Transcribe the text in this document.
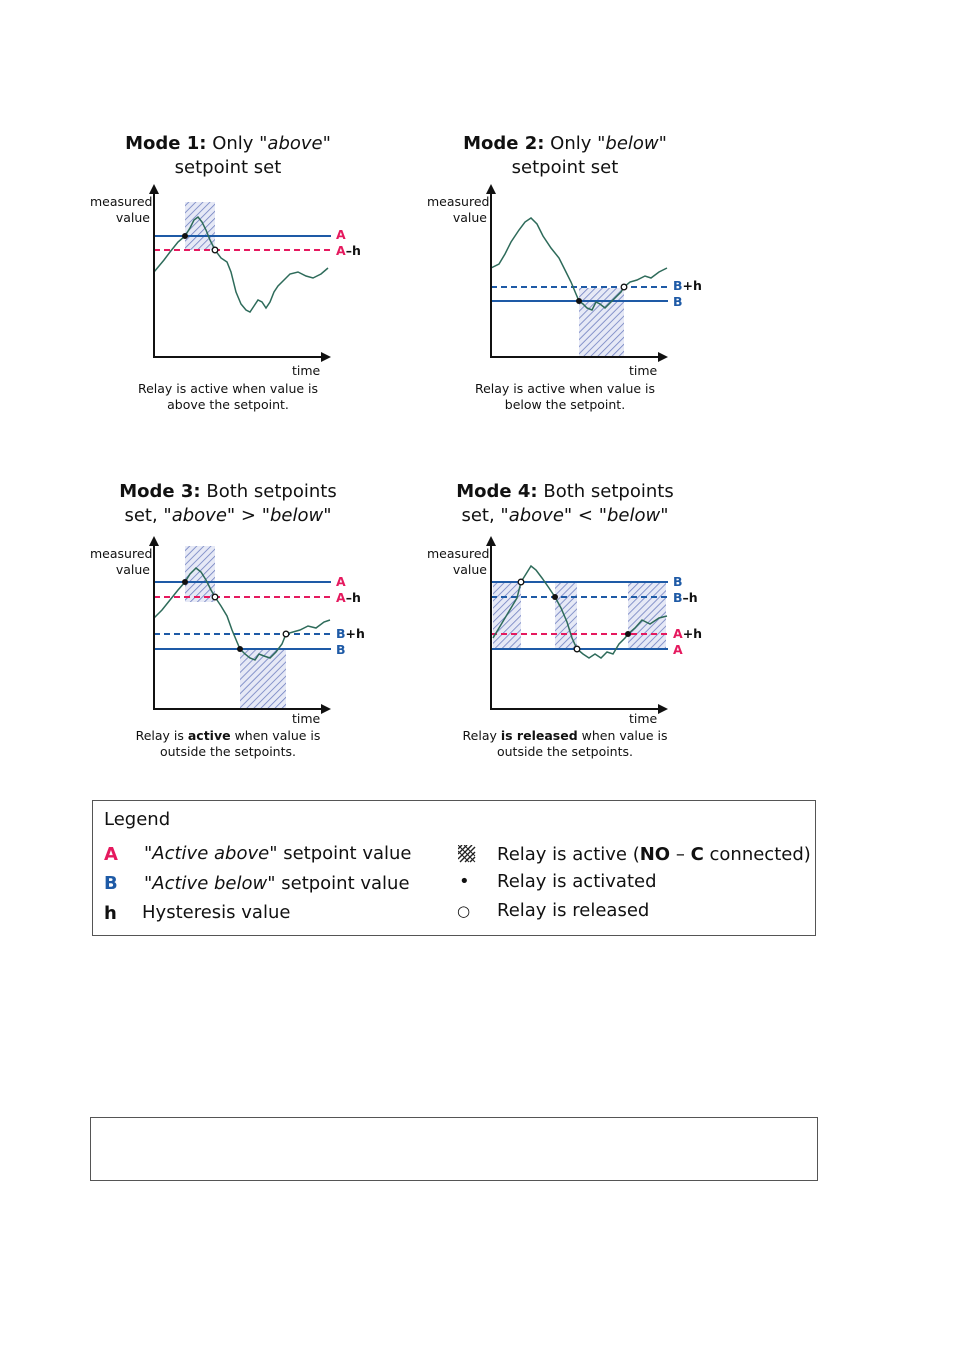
Mode 1: Only "above"
setpoint set
measured
value
A
A–h
time
Relay is active when value is
above the setpoint.
Mode 2: Only "below"
setpoint set
measured
value
B+h
B
time
Relay is active when value is
below the setpoint.
Mode 3: Both setpoints
set, "above" > "below"
measured
value
A
A–h
B+h
B
time
Relay is active when value is
outside the setpoints.
Mode 4: Both setpoints
set, "above" < "below"
measured
value
B
B–h
A+h
A
time
Relay is released when value is
outside the setpoints.
Legend
A "Active above" setpoint value
B "Active below" setpoint value
h Hysteresis value
Relay is active (NO – C connected)
• Relay is activated
○ Relay is released
